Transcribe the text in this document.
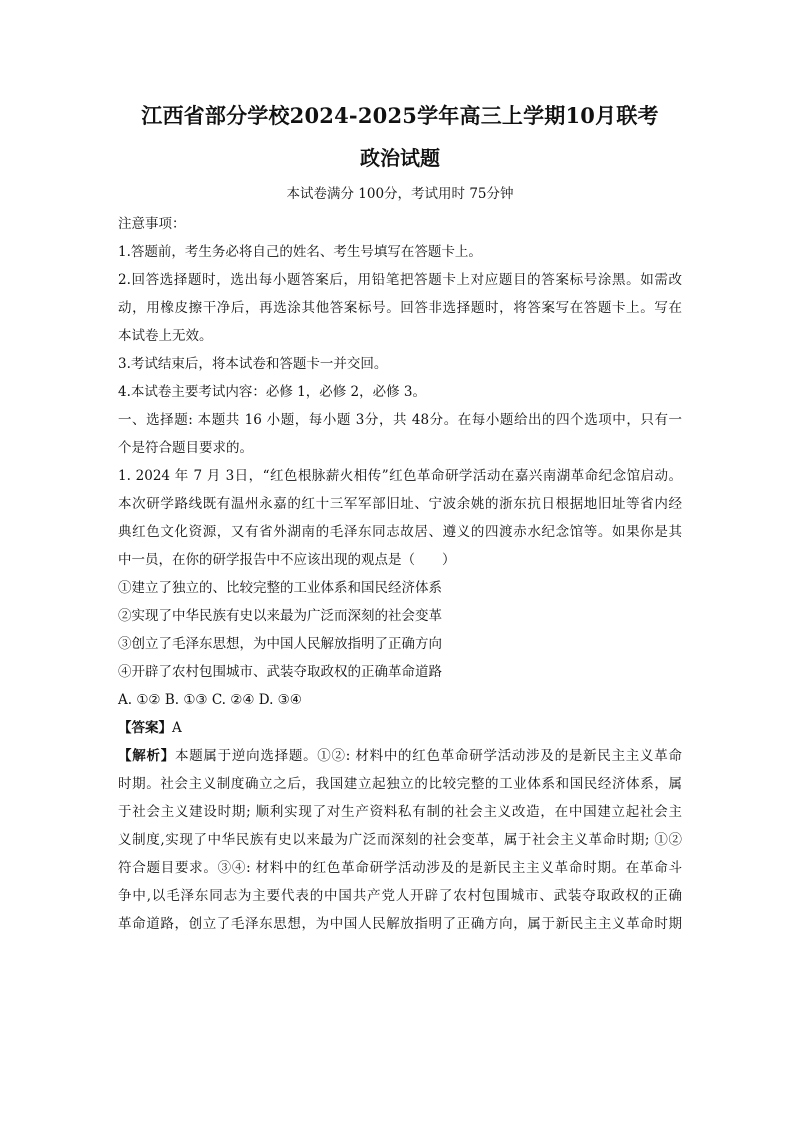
江西省部分学校2024-2025学年高三上学期10月联考
政治试题

本试卷满分 100分，考试用时 75分钟

注意事项：

1.答题前，考生务必将自己的姓名、考生号填写在答题卡上。

2.回答选择题时，选出每小题答案后，用铅笔把答题卡上对应题目的答案标号涂黑。如需改

动，用橡皮擦干净后，再选涂其他答案标号。回答非选择题时，将答案写在答题卡上。写在

本试卷上无效。

3.考试结束后，将本试卷和答题卡一并交回。

4.本试卷主要考试内容：必修 1，必修 2，必修 3。

一、选择题: 本题共 16 小题，每小题 3分，共 48分。在每小题给出的四个选项中，只有一

个是符合题目要求的。

1. 2024 年 7 月 3日，“红色根脉薪火相传”红色革命研学活动在嘉兴南湖革命纪念馆启动。

本次研学路线既有温州永嘉的红十三军军部旧址、宁波余姚的浙东抗日根据地旧址等省内经

典红色文化资源，又有省外湖南的毛泽东同志故居、遵义的四渡赤水纪念馆等。如果你是其

中一员，在你的研学报告中不应该出现的观点是（　　）

①建立了独立的、比较完整的工业体系和国民经济体系

②实现了中华民族有史以来最为广泛而深刻的社会变革

③创立了毛泽东思想，为中国人民解放指明了正确方向

④开辟了农村包围城市、武装夺取政权的正确革命道路

A. ①② B. ①③ C. ②④ D. ③④

【答案】A

【解析】本题属于逆向选择题。①②: 材料中的红色革命研学活动涉及的是新民主主义革命

时期。社会主义制度确立之后，我国建立起独立的比较完整的工业体系和国民经济体系，属

于社会主义建设时期; 顺利实现了对生产资料私有制的社会主义改造，在中国建立起社会主

义制度,实现了中华民族有史以来最为广泛而深刻的社会变革，属于社会主义革命时期; ①②

符合题目要求。③④: 材料中的红色革命研学活动涉及的是新民主主义革命时期。在革命斗

争中,以毛泽东同志为主要代表的中国共产党人开辟了农村包围城市、武装夺取政权的正确

革命道路，创立了毛泽东思想，为中国人民解放指明了正确方向，属于新民主主义革命时期
